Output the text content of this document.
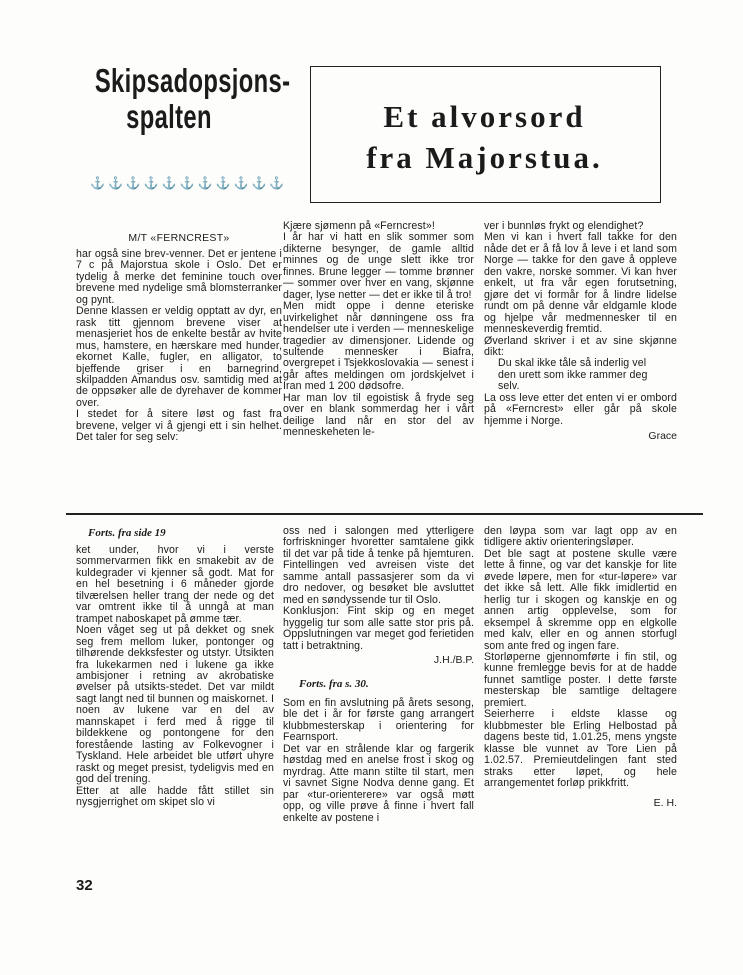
Skipsadopsjons-
spalten
⚓⚓⚓⚓⚓⚓⚓⚓⚓⚓⚓
Et alvorsord
fra Majorstua.
M/T «FERNCREST»
har også sine brev-venner. Det er jentene i 7 c på Majorstua skole i Oslo. Det er tydelig å merke det feminine touch over brevene med nydelige små blomsterranker og pynt.
Denne klassen er veldig opptatt av dyr, en rask titt gjennom brevene viser at menasjeriet hos de enkelte består av hvite mus, hamstere, en hærskare med hunder, ekornet Kalle, fugler, en alligator, to bjeffende griser i en barnegrind, skilpadden Amandus osv. samtidig med at de oppsøker alle de dyrehaver de kommer over.
I stedet for å sitere løst og fast fra brevene, velger vi å gjengi ett i sin helhet. Det taler for seg selv:
Kjære sjømenn på «Ferncrest»!
I år har vi hatt en slik sommer som dikterne besynger, de gamle alltid minnes og de unge slett ikke tror finnes. Brune legger — tomme brønner — sommer over hver en vang, skjønne dager, lyse netter — det er ikke til å tro!
Men midt oppe i denne eteriske uvirkelighet når dønningene oss fra hendelser ute i verden — menneskelige tragedier av dimensjoner. Lidende og sultende mennesker i Biafra, overgrepet i Tsjekkoslovakia — senest i går aftes meldingen om jordskjelvet i Iran med 1 200 dødsofre.
Har man lov til egoistisk å fryde seg over en blank sommerdag her i vårt deilige land når en stor del av menneskeheten le-
ver i bunnløs frykt og elendighet?
Men vi kan i hvert fall takke for den nåde det er å få lov å leve i et land som Norge — takke for den gave å oppleve den vakre, norske sommer. Vi kan hver enkelt, ut fra vår egen forutsetning, gjøre det vi formår for å lindre lidelse rundt om på denne vår eldgamle klode og hjelpe vår medmennesker til en menneskeverdig fremtid.
Øverland skriver i et av sine skjønne dikt:
Du skal ikke tåle så inderlig vel
den urett som ikke rammer deg
selv.
La oss leve etter det enten vi er ombord på «Ferncrest» eller går på skole hjemme i Norge.
Grace
Forts. fra side 19
ket under, hvor vi i verste sommervarmen fikk en smakebit av de kuldegrader vi kjenner så godt. Mat for en hel besetning i 6 måneder gjorde tilværelsen heller trang der nede og det var omtrent ikke til å unngå at man trampet naboskapet på ømme tær.
Noen våget seg ut på dekket og snek seg frem mellom luker, pontonger og tilhørende dekksfester og utstyr. Utsikten fra lukekarmen ned i lukene ga ikke ambisjoner i retning av akrobatiske øvelser på utsikts-stedet. Det var mildt sagt langt ned til bunnen og maiskornet. I noen av lukene var en del av mannskapet i ferd med å rigge til bildekkene og pontongene for den forestående lasting av Folkevogner i Tyskland. Hele arbeidet ble utført uhyre raskt og meget presist, tydeligvis med en god del trening.
Etter at alle hadde fått stillet sin nysgjerrighet om skipet slo vi
oss ned i salongen med ytterligere forfriskninger hvoretter samtalene gikk til det var på tide å tenke på hjemturen. Fintellingen ved avreisen viste det samme antall passasjerer som da vi dro nedover, og besøket ble avsluttet med en søndyssende tur til Oslo.
Konklusjon: Fint skip og en meget hyggelig tur som alle satte stor pris på. Oppslutningen var meget god ferietiden tatt i betraktning.
J.H./B.P.
Forts. fra s. 30.
Som en fin avslutning på årets sesong, ble det i år for første gang arrangert klubbmesterskap i orientering for Fearnsport.
Det var en strålende klar og fargerik høstdag med en anelse frost i skog og myrdrag. Atte mann stilte til start, men vi savnet Signe Nodva denne gang. Et par «tur-orienterere» var også møtt opp, og ville prøve å finne i hvert fall enkelte av postene i
den løypa som var lagt opp av en tidligere aktiv orienteringsløper.
Det ble sagt at postene skulle være lette å finne, og var det kanskje for lite øvede løpere, men for «tur-løpere» var det ikke så lett. Alle fikk imidlertid en herlig tur i skogen og kanskje en og annen artig opplevelse, som for eksempel å skremme opp en elgkolle med kalv, eller en og annen storfugl som ante fred og ingen fare.
Storløperne gjennomførte i fin stil, og kunne fremlegge bevis for at de hadde funnet samtlige poster. I dette første mesterskap ble samtlige deltagere premiert.
Seierherre i eldste klasse og klubbmester ble Erling Helbostad på dagens beste tid, 1.01.25, mens yngste klasse ble vunnet av Tore Lien på 1.02.57. Premieutdelingen fant sted straks etter løpet, og hele arrangementet forløp prikkfritt.
E. H.
32
